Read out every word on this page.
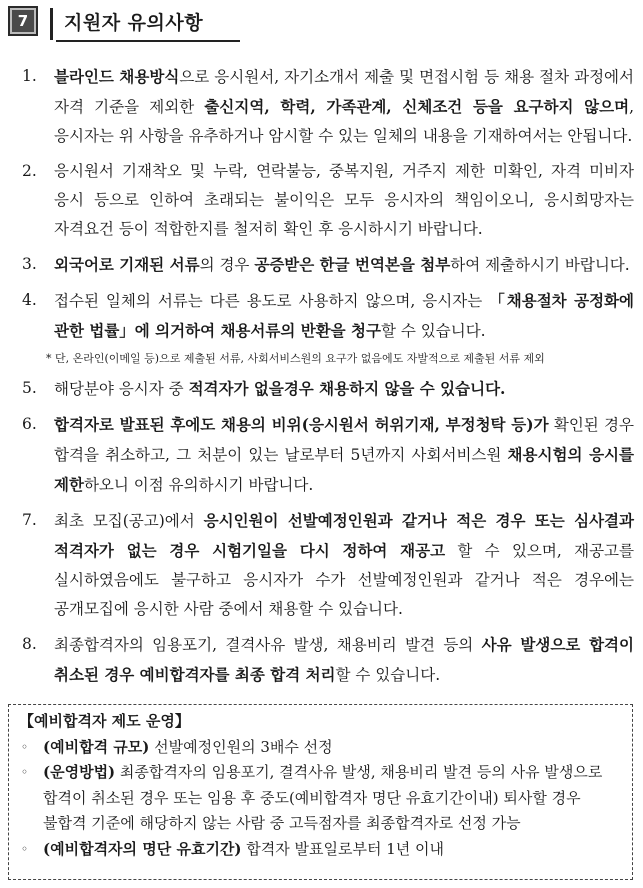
7	지원자 유의사항
1. 블라인드 채용방식으로 응시원서, 자기소개서 제출 및 면접시험 등 채용 절차 과정에서 자격 기준을 제외한 출신지역, 학력, 가족관계, 신체조건 등을 요구하지 않으며, 응시자는 위 사항을 유추하거나 암시할 수 있는 일체의 내용을 기재하여서는 안됩니다.
2. 응시원서 기재착오 및 누락, 연락불능, 중복지원, 거주지 제한 미확인, 자격 미비자 응시 등으로 인하여 초래되는 불이익은 모두 응시자의 책임이오니, 응시희망자는 자격요건 등이 적합한지를 철저히 확인 후 응시하시기 바랍니다.
3. 외국어로 기재된 서류의 경우 공증받은 한글 번역본을 첨부하여 제출하시기 바랍니다.
4. 접수된 일체의 서류는 다른 용도로 사용하지 않으며, 응시자는 「채용절차 공정화에 관한 법률」에 의거하여 채용서류의 반환을 청구할 수 있습니다.
* 단, 온라인(이메일 등)으로 제출된 서류, 사회서비스원의 요구가 없음에도 자발적으로 제출된 서류 제외
5. 해당분야 응시자 중 적격자가 없을경우 채용하지 않을 수 있습니다.
6. 합격자로 발표된 후에도 채용의 비위(응시원서 허위기재, 부정청탁 등)가 확인된 경우 합격을 취소하고, 그 처분이 있는 날로부터 5년까지 사회서비스원 채용시험의 응시를 제한하오니 이점 유의하시기 바랍니다.
7. 최초 모집(공고)에서 응시인원이 선발예정인원과 같거나 적은 경우 또는 심사결과 적격자가 없는 경우 시험기일을 다시 정하여 재공고 할 수 있으며, 재공고를 실시하였음에도 불구하고 응시자가 수가 선발예정인원과 같거나 적은 경우에는 공개모집에 응시한 사람 중에서 채용할 수 있습니다.
8. 최종합격자의 임용포기, 결격사유 발생, 채용비리 발견 등의 사유 발생으로 합격이 취소된 경우 예비합격자를 최종 합격 처리할 수 있습니다.
【예비합격자 제도 운영】
◦ (예비합격 규모) 선발예정인원의 3배수 선정
◦ (운영방법) 최종합격자의 임용포기, 결격사유 발생, 채용비리 발견 등의 사유 발생으로 합격이 취소된 경우 또는 임용 후 중도(예비합격자 명단 유효기간이내) 퇴사할 경우 불합격 기준에 해당하지 않는 사람 중 고득점자를 최종합격자로 선정 가능
◦ (예비합격자의 명단 유효기간) 합격자 발표일로부터 1년 이내
